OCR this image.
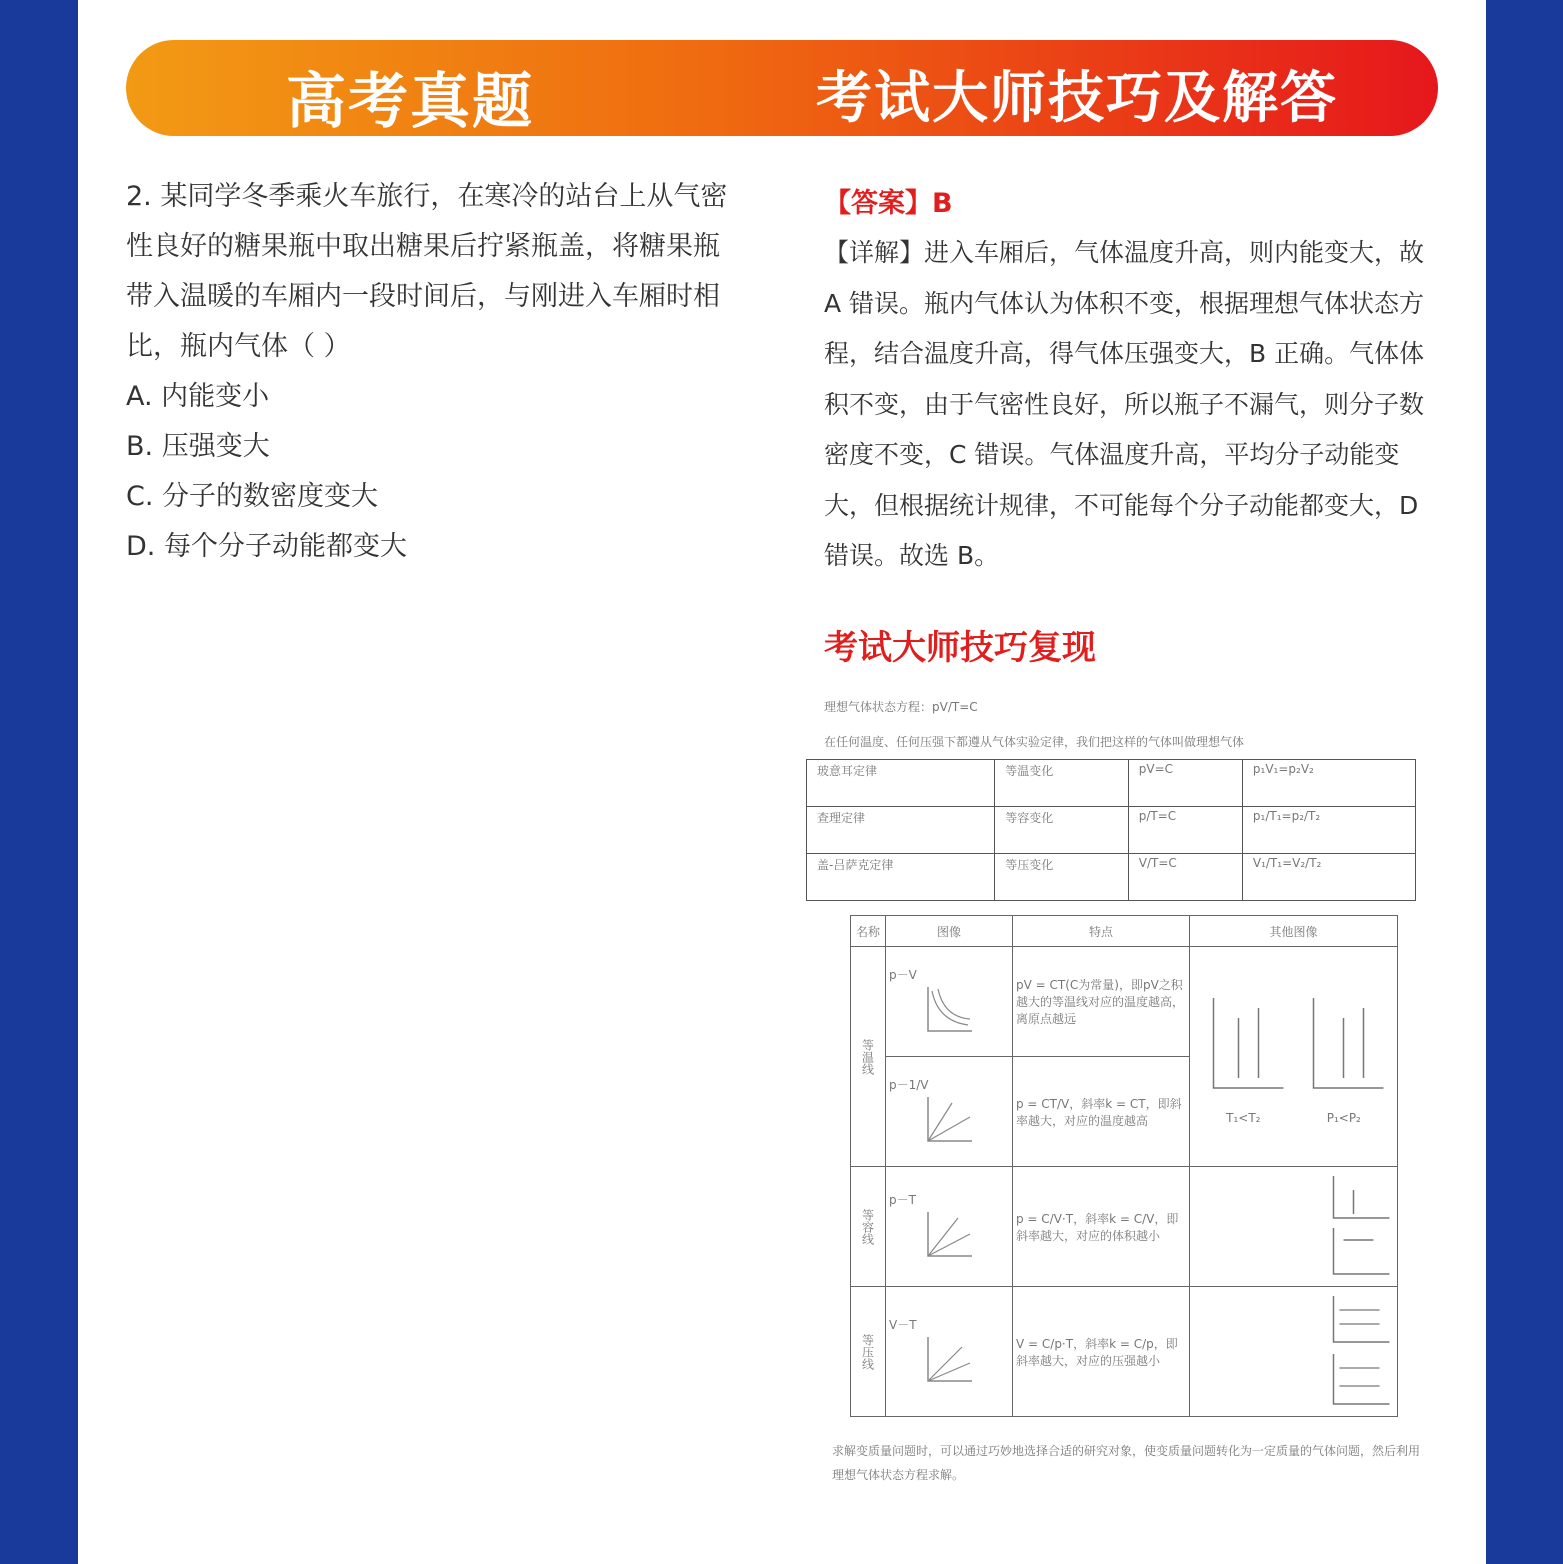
高考真题	考试大师技巧及解答
2. 某同学冬季乘火车旅行，在寒冷的站台上从气密性良好的糖果瓶中取出糖果后拧紧瓶盖，将糖果瓶带入温暖的车厢内一段时间后，与刚进入车厢时相比，瓶内气体（ ）
A. 内能变小
B. 压强变大
C. 分子的数密度变大
D. 每个分子动能都变大
【答案】B
【详解】进入车厢后，气体温度升高，则内能变大，故 A 错误。瓶内气体认为体积不变，根据理想气体状态方程，结合温度升高，得气体压强变大，B 正确。气体体积不变，由于气密性良好，所以瓶子不漏气，则分子数密度不变，C 错误。气体温度升高，平均分子动能变大，但根据统计规律，不可能每个分子动能都变大，D 错误。故选 B。
考试大师技巧复现
理想气体状态方程：pV/T=C
在任何温度、任何压强下都遵从气体实验定律，我们把这样的气体叫做理想气体
玻意耳定律	等温变化	pV=C	p₁V₁=p₂V₂
查理定律	等容变化	p/T=C	p₁/T₁=p₂/T₂
盖-吕萨克定律	等压变化	V/T=C	V₁/T₁=V₂/T₂
名称	图像	特点	其他图像
等温线	p－V	pV = CT(C为常量)，即pV之积越大的等温线对应的温度越高，离原点越远	T₁<T₂ P₁<P₂

	p－1/V	p = CT/V，斜率k = CT，即斜率越大，对应的温度越高	
等容线	p－T	p = C/V·T，斜率k = C/V，即斜率越大，对应的体积越小	
等压线	V－T	V = C/p·T，斜率k = C/p，即斜率越大，对应的压强越小	
求解变质量问题时，可以通过巧妙地选择合适的研究对象，使变质量问题转化为一定质量的气体问题，然后利用理想气体状态方程求解。
